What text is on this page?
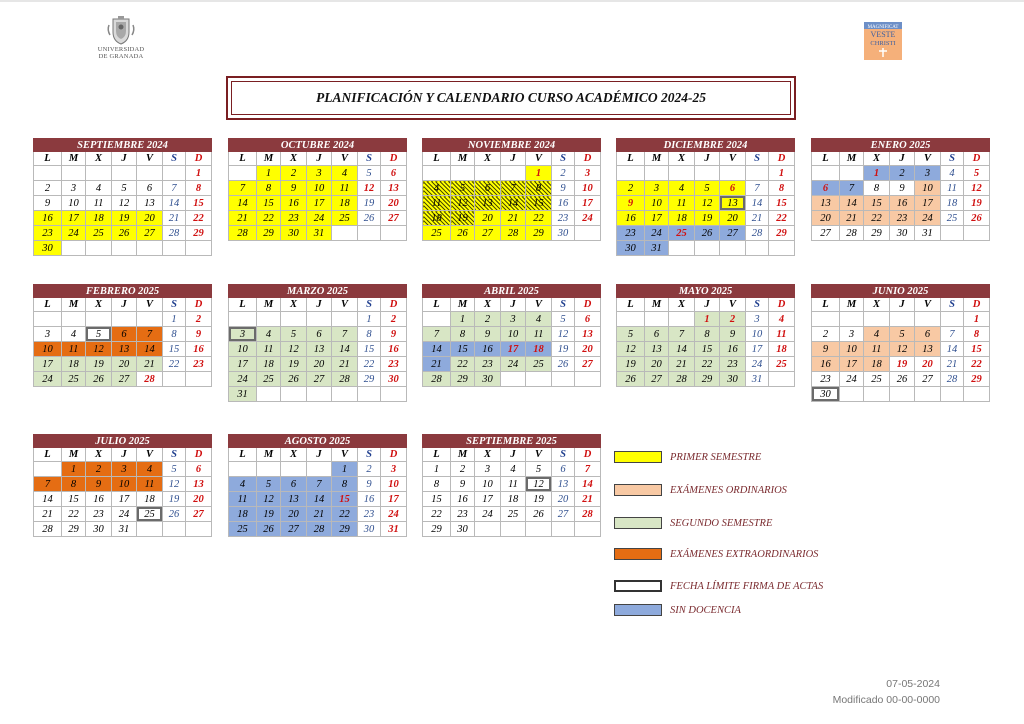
UNIVERSIDAD
DE GRANADA
MAGNIFICAT
VESTE
CHRISTI
PLANIFICACIÓN Y CALENDARIO CURSO ACADÉMICO 2024-25
SEPTIEMBRE 2024						
L	M	X	J	V	S	D
						1
2	3	4	5	6	7	8
9	10	11	12	13	14	15
16	17	18	19	20	21	22
23	24	25	26	27	28	29
30						
OCTUBRE 2024						
L	M	X	J	V	S	D
	1	2	3	4	5	6
7	8	9	10	11	12	13
14	15	16	17	18	19	20
21	22	23	24	25	26	27
28	29	30	31			
NOVIEMBRE 2024						
L	M	X	J	V	S	D
				1	2	3
4	5	6	7	8	9	10
11	12	13	14	15	16	17
18	19	20	21	22	23	24
25	26	27	28	29	30	
DICIEMBRE 2024						
L	M	X	J	V	S	D
						1
2	3	4	5	6	7	8
9	10	11	12	13	14	15
16	17	18	19	20	21	22
23	24	25	26	27	28	29
30	31					
ENERO 2025						
L	M	X	J	V	S	D
		1	2	3	4	5
6	7	8	9	10	11	12
13	14	15	16	17	18	19
20	21	22	23	24	25	26
27	28	29	30	31		
FEBRERO 2025						
L	M	X	J	V	S	D
					1	2
3	4	5	6	7	8	9
10	11	12	13	14	15	16
17	18	19	20	21	22	23
24	25	26	27	28		
MARZO 2025						
L	M	X	J	V	S	D
					1	2
3	4	5	6	7	8	9
10	11	12	13	14	15	16
17	18	19	20	21	22	23
24	25	26	27	28	29	30
31						
ABRIL 2025						
L	M	X	J	V	S	D
	1	2	3	4	5	6
7	8	9	10	11	12	13
14	15	16	17	18	19	20
21	22	23	24	25	26	27
28	29	30				
MAYO 2025						
L	M	X	J	V	S	D
			1	2	3	4
5	6	7	8	9	10	11
12	13	14	15	16	17	18
19	20	21	22	23	24	25
26	27	28	29	30	31	
JUNIO 2025						
L	M	X	J	V	S	D
						1
2	3	4	5	6	7	8
9	10	11	12	13	14	15
16	17	18	19	20	21	22
23	24	25	26	27	28	29
30						
JULIO 2025						
L	M	X	J	V	S	D
	1	2	3	4	5	6
7	8	9	10	11	12	13
14	15	16	17	18	19	20
21	22	23	24	25	26	27
28	29	30	31			
AGOSTO 2025						
L	M	X	J	V	S	D
				1	2	3
4	5	6	7	8	9	10
11	12	13	14	15	16	17
18	19	20	21	22	23	24
25	26	27	28	29	30	31
SEPTIEMBRE 2025						
L	M	X	J	V	S	D
1	2	3	4	5	6	7
8	9	10	11	12	13	14
15	16	17	18	19	20	21
22	23	24	25	26	27	28
29	30					
PRIMER SEMESTRE
EXÁMENES ORDINARIOS
SEGUNDO SEMESTRE
EXÁMENES EXTRAORDINARIOS
FECHA LÍMITE FIRMA DE ACTAS
SIN DOCENCIA
07-05-2024
Modificado 00-00-0000
